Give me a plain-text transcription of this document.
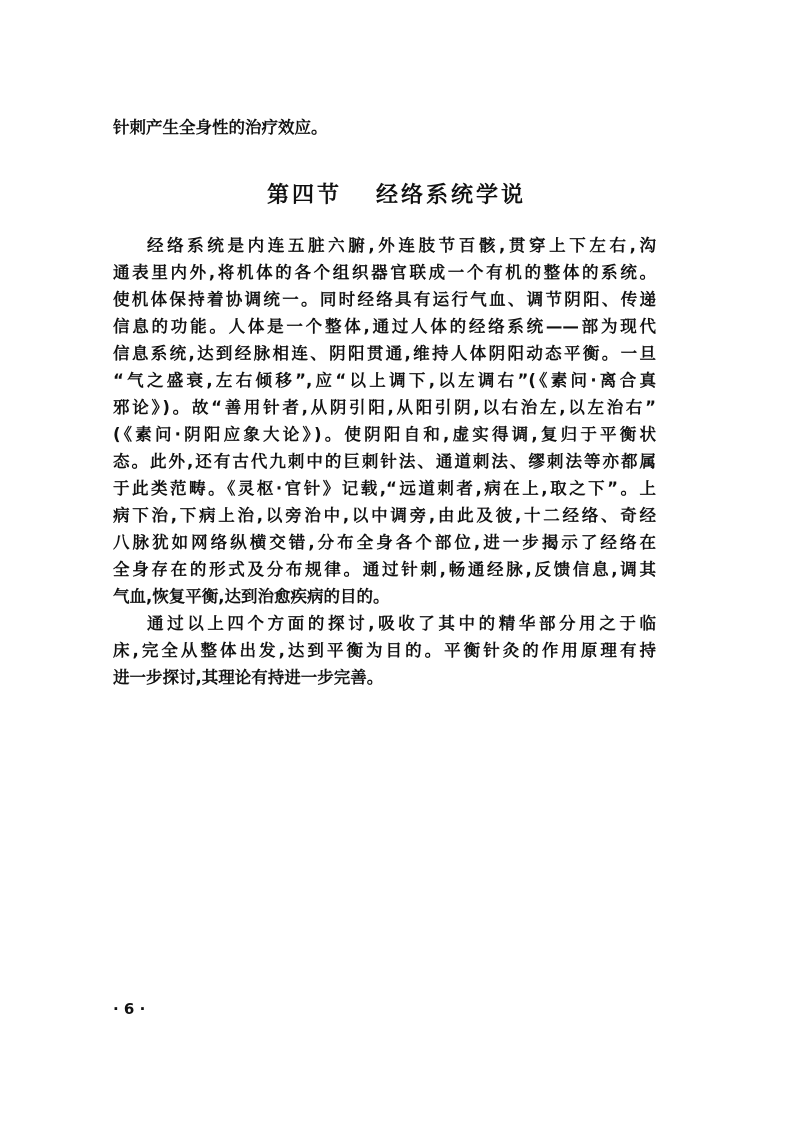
针刺产生全身性的治疗效应。
第四节 经络系统学说
经络系统是内连五脏六腑,外连肢节百骸,贯穿上下左右,沟
通表里内外,将机体的各个组织器官联成一个有机的整体的系统。
使机体保持着协调统一。同时经络具有运行气血、调节阴阳、传递
信息的功能。人体是一个整体,通过人体的经络系统——部为现代
信息系统,达到经脉相连、阴阳贯通,维持人体阴阳动态平衡。一旦
“气之盛衰,左右倾移”,应“以上调下,以左调右”(《素问·离合真
邪论》)。故“善用针者,从阴引阳,从阳引阴,以右治左,以左治右”
(《素问·阴阳应象大论》)。使阴阳自和,虚实得调,复归于平衡状
态。此外,还有古代九刺中的巨刺针法、通道刺法、缪刺法等亦都属
于此类范畴。《灵枢·官针》记载,“远道刺者,病在上,取之下”。上
病下治,下病上治,以旁治中,以中调旁,由此及彼,十二经络、奇经
八脉犹如网络纵横交错,分布全身各个部位,进一步揭示了经络在
全身存在的形式及分布规律。通过针刺,畅通经脉,反馈信息,调其
气血,恢复平衡,达到治愈疾病的目的。
通过以上四个方面的探讨,吸收了其中的精华部分用之于临
床,完全从整体出发,达到平衡为目的。平衡针灸的作用原理有持
进一步探讨,其理论有持进一步完善。
· 6 ·
